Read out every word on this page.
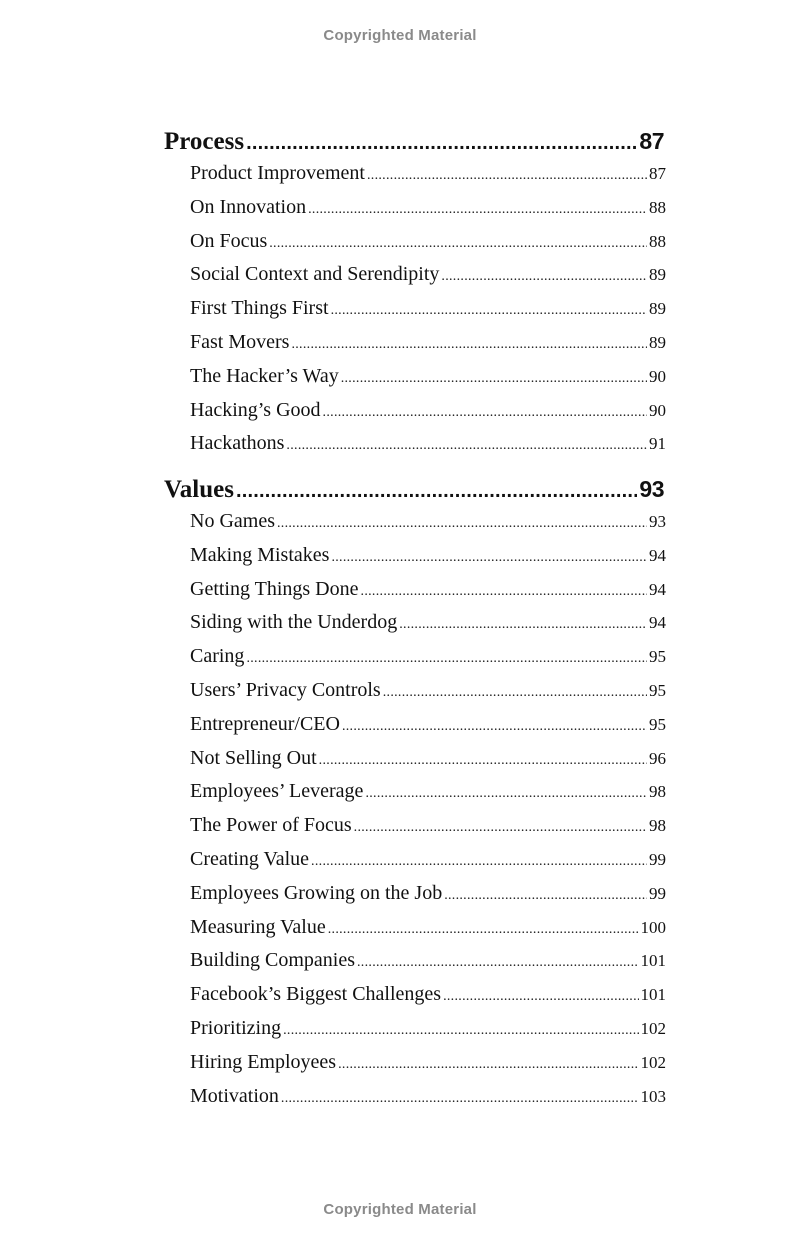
Copyrighted Material
Process .....	87
Product Improvement .....	87
On Innovation .....	88
On Focus .....	88
Social Context and Serendipity .....	89
First Things First .....	89
Fast Movers .....	89
The Hacker’s Way .....	90
Hacking’s Good .....	90
Hackathons .....	91
Values .....	93
No Games .....	93
Making Mistakes .....	94
Getting Things Done .....	94
Siding with the Underdog .....	94
Caring .....	95
Users’ Privacy Controls .....	95
Entrepreneur/CEO .....	95
Not Selling Out .....	96
Employees’ Leverage .....	98
The Power of Focus .....	98
Creating Value .....	99
Employees Growing on the Job .....	99
Measuring Value .....	100
Building Companies .....	101
Facebook’s Biggest Challenges .....	101
Prioritizing .....	102
Hiring Employees .....	102
Motivation .....	103
Copyrighted Material
